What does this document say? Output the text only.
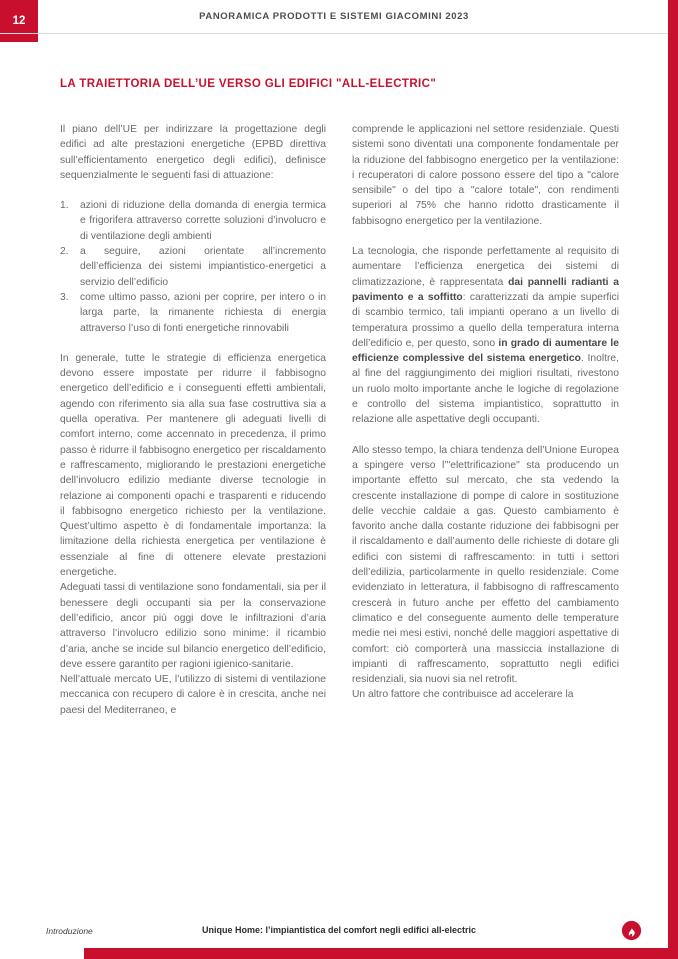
12	PANORAMICA PRODOTTI E SISTEMI GIACOMINI 2023
LA TRAIETTORIA DELL’UE VERSO GLI EDIFICI "ALL-ELECTRIC"

Il piano dell’UE per indirizzare la progettazione degli edifici ad alte prestazioni energetiche (EPBD direttiva sull’efficientamento energetico degli edifici), definisce sequenzialmente le seguenti fasi di attuazione:

1.	azioni di riduzione della domanda di energia termica e frigorifera attraverso corrette soluzioni d’involucro e di ventilazione degli ambienti
2.	a seguire, azioni orientate all’incremento dell’efficienza dei sistemi impiantistico-energetici a servizio dell’edificio
3.	come ultimo passo, azioni per coprire, per intero o in larga parte, la rimanente richiesta di energia attraverso l’uso di fonti energetiche rinnovabili

In generale, tutte le strategie di efficienza energetica devono essere impostate per ridurre il fabbisogno energetico dell’edificio e i conseguenti effetti ambientali, agendo con riferimento sia alla sua fase costruttiva sia a quella operativa. Per mantenere gli adeguati livelli di comfort interno, come accennato in precedenza, il primo passo è ridurre il fabbisogno energetico per riscaldamento e raffrescamento, migliorando le prestazioni energetiche dell’involucro edilizio mediante diverse tecnologie in relazione ai componenti opachi e trasparenti e riducendo il fabbisogno energetico richiesto per la ventilazione. Quest’ultimo aspetto è di fondamentale importanza: la limitazione della richiesta energetica per ventilazione è essenziale al fine di ottenere elevate prestazioni energetiche.

Adeguati tassi di ventilazione sono fondamentali, sia per il benessere degli occupanti sia per la conservazione dell’edificio, ancor più oggi dove le infiltrazioni d’aria attraverso l’involucro edilizio sono minime: il ricambio d’aria, anche se incide sul bilancio energetico dell’edificio, deve essere garantito per ragioni igienico-sanitarie.

Nell’attuale mercato UE, l’utilizzo di sistemi di ventilazione meccanica con recupero di calore è in crescita, anche nei paesi del Mediterraneo, e

comprende le applicazioni nel settore residenziale. Questi sistemi sono diventati una componente fondamentale per la riduzione del fabbisogno energetico per la ventilazione: i recuperatori di calore possono essere del tipo a "calore sensibile" o del tipo a "calore totale", con rendimenti superiori al 75% che hanno ridotto drasticamente il fabbisogno energetico per la ventilazione.

La tecnologia, che risponde perfettamente al requisito di aumentare l’efficienza energetica dei sistemi di climatizzazione, è rappresentata dai pannelli radianti a pavimento e a soffitto: caratterizzati da ampie superfici di scambio termico, tali impianti operano a un livello di temperatura prossimo a quello della temperatura interna dell’edificio e, per questo, sono in grado di aumentare le efficienze complessive del sistema energetico. Inoltre, al fine del raggiungimento dei migliori risultati, rivestono un ruolo molto importante anche le logiche di regolazione e controllo del sistema impiantistico, soprattutto in relazione alle aspettative degli occupanti.

Allo stesso tempo, la chiara tendenza dell’Unione Europea a spingere verso l’"elettrificazione" sta producendo un importante effetto sul mercato, che sta vedendo la crescente installazione di pompe di calore in sostituzione delle vecchie caldaie a gas. Questo cambiamento è favorito anche dalla costante riduzione dei fabbisogni per il riscaldamento e dall’aumento delle richieste di dotare gli edifici con sistemi di raffrescamento: in tutti i settori dell’edilizia, particolarmente in quello residenziale. Come evidenziato in letteratura, il fabbisogno di raffrescamento crescerà in futuro anche per effetto del cambiamento climatico e del conseguente aumento delle temperature medie nei mesi estivi, nonché delle maggiori aspettative di comfort: ciò comporterà una massiccia installazione di impianti di raffrescamento, soprattutto negli edifici residenziali, sia nuovi sia nel retrofit.

Un altro fattore che contribuisce ad accelerare la

Introduzione	Unique Home: l’impiantistica del comfort negli edifici all-electric
